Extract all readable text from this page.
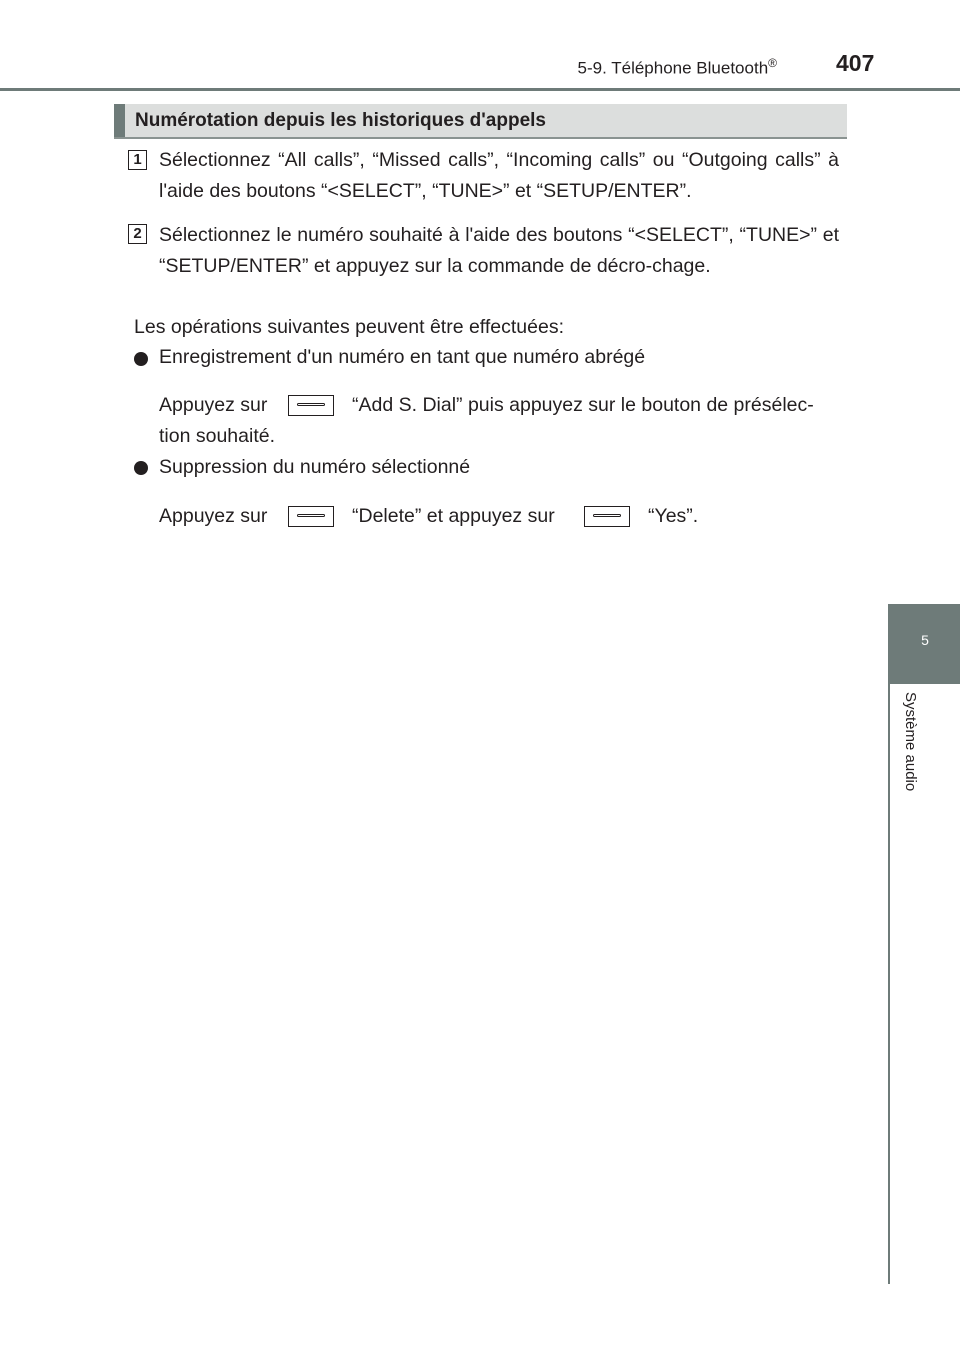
5-9. Téléphone Bluetooth®	407
5
Système audio
Numérotation depuis les historiques d'appels
1 Sélectionnez “All calls”, “Missed calls”, “Incoming calls” ou “Outgoing calls” à l'aide des boutons “<SELECT”, “TUNE>” et “SETUP/ENTER”.
2 Sélectionnez le numéro souhaité à l'aide des boutons “<SELECT”, “TUNE>” et “SETUP/ENTER” et appuyez sur la commande de décro-chage.
Les opérations suivantes peuvent être effectuées:
Enregistrement d'un numéro en tant que numéro abrégé
Appuyez sur	“Add S. Dial” puis appuyez sur le bouton de présélec-
tion souhaité.
Suppression du numéro sélectionné
Appuyez sur	“Delete” et appuyez sur	“Yes”.
